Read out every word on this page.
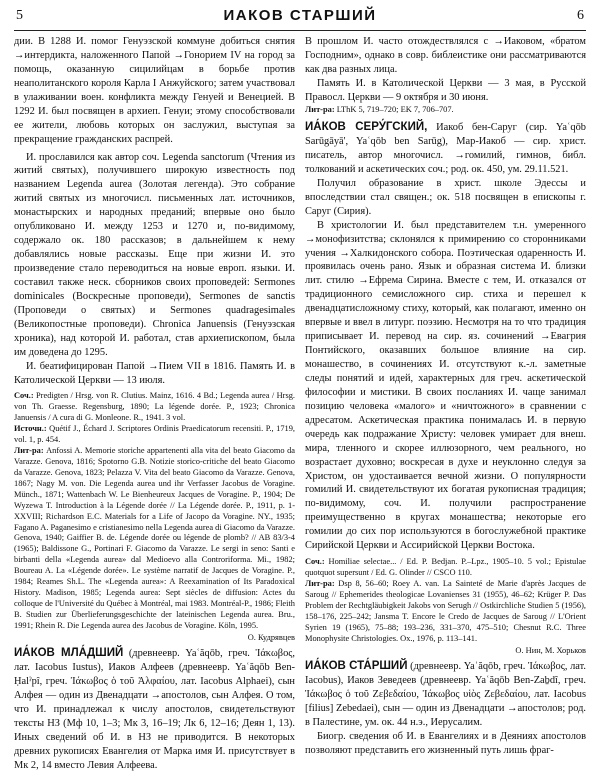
5	ИАКОВ СТАРШИЙ	6

дии. В 1288 И. помог Генуэзской коммуне добиться снятия →интердикта, наложенного Папой →Гонорием IV на город за помощь, оказанную сицилийцам в борьбе против неаполитанского короля Карла I Анжуйского; затем участвовал в улаживании воен. конфликта между Генуей и Венецией. В 1292 И. был посвящен в архиеп. Генуи; этому способствовали ее жители, любовь которых он заслужил, выступая за прекращение гражданских распрей.

И. прославился как автор соч. Legenda sanctorum (Чтения из житий святых), получившего широкую известность под названием Legenda aurea (Золотая легенда). Это собрание житий святых из многочисл. письменных лат. источников, монастырских и народных преданий; впервые оно было опубликовано И. между 1253 и 1270 и, по-видимому, содержало ок. 180 рассказов; в дальнейшем к нему добавлялись новые рассказы. Еще при жизни И. это произведение стало переводиться на новые европ. языки. И. составил также неск. сборников своих проповедей: Sermones dominicales (Воскресные проповеди), Sermones de sanctis (Проповеди о святых) и Sermones quadragesimales (Великопостные проповеди). Chronica Januensis (Генуэзская хроника), над которой И. работал, став архиепископом, была им доведена до 1295.

И. беатифицирован Папой →Пием VII в 1816. Память И. в Католической Церкви — 13 июля.

Соч.: Predigten / Hrsg. von R. Clutius. Mainz, 1616. 4 Bd.; Legenda aurea / Hrsg. von Th. Graesse. Regensburg, 1890; La légende dorée. P., 1923; Chronica Januensis / A cura di G. Monleone. R., 1941. 3 vol.

Источн.: Quétif J., Échard J. Scriptores Ordinis Praedicatorum recensiti. P., 1719, vol. 1, p. 454.

Лит-ра: Anfossi A. Memorie storiche appartenenti alla vita del beato Giacomo da Varazze. Genova, 1816; Spotorno G.B. Notizie storico-critiche del beato Giacomo da Varazze. Genova, 1823; Pelazza V. Vita del beato Giacomo da Varazze. Genova, 1867; Nagy M. von. Die Legenda aurea und ihr Verfasser Jacobus de Voragine. Münch., 1871; Wattenbach W. Le Bienheureux Jacques de Voragine. P., 1904; De Wyzewa T. Introduction à la Légende dorée // La Légende dorée. P., 1911, p. 1-XXVIII; Richardson E.C. Materials for a Life of Jacopo da Voragine. NY., 1935; Fagano A. Paganesimo e cristianesimo nella Legenda aurea di Giacomo da Varazze. Genova, 1940; Gaiffier B. de. Légende dorée ou légende de plomb? // AB 83/3-4 (1965); Baldissone G., Portinari F. Giacomo da Varazze. Le sergi in seno: Santi e birbanti della «Legenda aurea» dal Medioevo alla Controriforma. Mi., 1982; Boureau A. La «Légende dorée». Le système narratif de Jacques de Voragine. P., 1984; Reames Sh.L. The «Legenda aurea»: A Reexamination of Its Paradoxical History. Madison, 1985; Legenda aurea: Sept siècles de diffusion: Actes du colloque de l'Université du Québec à Montréal, mai 1983. Montréal-P., 1986; Fleith B. Studien zur Überlieferungsgeschichte der lateinischen Legenda aurea. Bru., 1991; Rhein R. Die Legenda aurea des Jacobus de Voragine. Köln, 1995.

О. Кудрявцев

ИА́КОВ МЛА́ДШИЙ (древнеевр. Yaʿăqōb, греч. Ἰάκωβος, лат. Iacobus Iustus), Иаков Алфеев (древнеевр. Yaʿăqōb Ben-Ḥalˀpî, греч. Ἰάκωβος ὁ τοῦ Ἀλφαίου, лат. Iacobus Alphaei), сын Алфея — один из Двенадцати →апостолов, сын Алфея. О том, что И. принадлежал к числу апостолов, свидетельствуют тексты НЗ (Мф 10, 1–3; Мк 3, 16–19; Лк 6, 12–16; Деян 1, 13). Иных сведений об И. в НЗ не приводится. В некоторых древних рукописях Евангелия от Марка имя И. присутствует в Мк 2, 14 вместо Левия Алфеева.

В прошлом И. часто отождествлялся с →Иаковом, «братом Господним», однако в совр. библеистике они рассматриваются как два разных лица.

Память И. в Католической Церкви — 3 мая, в Русской Правосл. Церкви — 9 октября и 30 июня.

Лит-ра: LThK 5, 719–720; EK 7, 706–707.

ИА́КОВ СЕРУ́ГСКИЙ, Иакоб бен-Саруг (сир. Yaʿqōb Sarūgāyā', Yaʿqōb ben Sarūg), Мар-Иакоб — сир. христ. писатель, автор многочисл. →гомилий, гимнов, библ. толкований и аскетических соч.; род. ок. 450, ум. 29.11.521.

Получил образование в христ. школе Эдессы и впоследствии стал священ.; ок. 518 посвящен в епископы г. Саруг (Сирия).

В христологии И. был представителем т.н. умеренного →монофизитства; склонялся к примирению со сторонниками учения →Халкидонского собора. Поэтическая одаренность И. проявилась очень рано. Язык и образная система И. близки лит. стилю →Ефрема Сирина. Вместе с тем, И. отказался от традиционного семисложного сир. стиха и перешел к двенадцатисложному стиху, который, как полагают, именно он впервые и ввел в литург. поэзию. Несмотря на то что традиция приписывает И. перевод на сир. яз. сочинений →Евагрия Понтийского, оказавших большое влияние на сир. монашество, в сочинениях И. отсутствуют к.-л. заметные следы понятий и идей, характерных для греч. аскетической философии и мистики. В своих посланиях И. чаще занимал позицию человека «малого» и «ничтожного» в сравнении с адресатом. Аскетическая практика понималась И. в первую очередь как подражание Христу: человек умирает для внеш. мира, тленного и скорее иллюзорного, чем реального, но возрастает духовно; воскресая в духе и неуклонно следуя за Христом, он удостаивается вечной жизни. О популярности гомилий И. свидетельствуют их богатая рукописная традиция; по-видимому, соч. И. получили распространение преимущественно в кругах монашества; некоторые его гомилии до сих пор используются в богослужебной практике Сирийской Церкви и Ассирийской Церкви Востока.

Соч.: Homiliae selectae... / Ed. P. Bedjan. P.–Lpz., 1905–10. 5 vol.; Epistulae quotquot supersunt / Ed. G. Olinder // CSCO 110.

Лит-ра: Dsp 8, 56–60; Roey A. van. La Sainteté de Marie d'après Jacques de Saroug // Ephemerides theologicae Lovanienses 31 (1955), 46–62; Krüger P. Das Problem der Rechtgläubigkeit Jakobs von Serugh // Ostkirchliche Studien 5 (1956), 158–176, 225–242; Jansma T. Encore le Credo de Jacques de Saroug // L'Orient Syrien 19 (1965), 75–88; 193–236, 331–370, 475–510; Chesnut R.C. Three Monophysite Christologies. Ox., 1976, p. 113–141.

О. Нин, М. Хорьков

ИА́КОВ СТА́РШИЙ (древнеевр. Yaʿăqōb, греч. Ἰάκωβος, лат. Iacobus), Иаков Зеведеев (древнеевр. Yaʿăqōb Ben-Zaḇdî, греч. Ἰάκωβος ὁ τοῦ Ζεβεδαίου, Ἰάκωβος υἱὸς Ζεβεδαίου, лат. Iacobus [filius] Zebedaei), сын — один из Двенадцати →апостолов; род. в Палестине, ум. ок. 44 н.э., Иерусалим.

Биогр. сведения об И. в Евангелиях и в Деяниях апостолов позволяют представить его жизненный путь лишь фраг-
